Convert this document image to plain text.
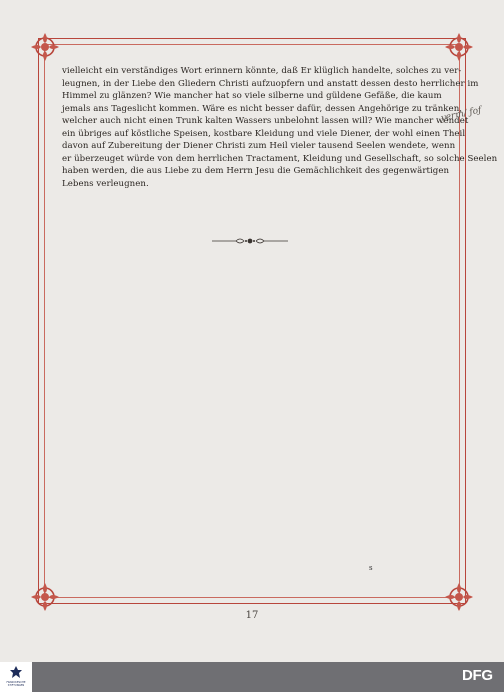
vielleicht ein verständiges Wort erinnern könnte, daß Er klüglich handelte, solches zu ver-
leugnen, in der Liebe den Gliedern Christi aufzuopfern und anstatt dessen desto herrlicher im
Himmel zu glänzen? Wie mancher hat so viele silberne und güldene Gefäße, die kaum
jemals ans Tageslicht kommen. Wäre es nicht besser dafür, dessen Angehörige zu tränken,
welcher auch nicht einen Trunk kalten Wassers unbelohnt lassen will? Wie mancher wendet
ein übriges auf köstliche Speisen, kostbare Kleidung und viele Diener, der wohl einen Theil
davon auf Zubereitung der Diener Christi zum Heil vieler tausend Seelen wendete, wenn
er überzeuget würde von dem herrlichen Tractament, Kleidung und Gesellschaft, so solche Seelen
haben werden, die aus Liebe zu dem Herrn Jesu die Gemächlichkeit des gegenwärtigen
Lebens verleugnen.
yerm/ ƒoƒ
s
17
FRANCKESCHE
STIFTUNGEN
DFG
